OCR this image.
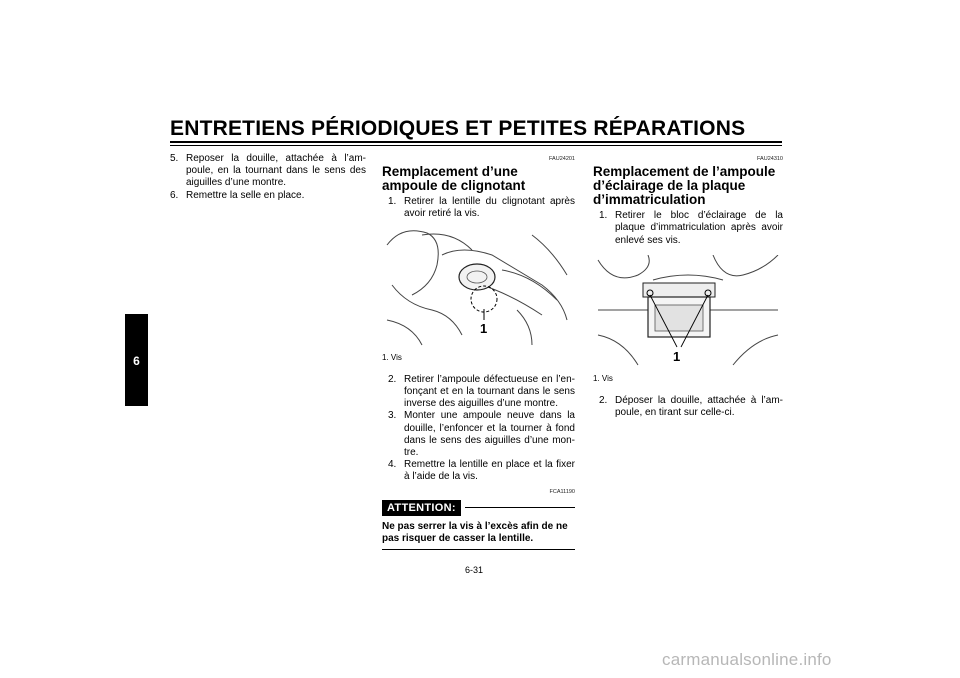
ENTRETIENS PÉRIODIQUES ET PETITES RÉPARATIONS
6
5. Reposer la douille, attachée à l’am-poule, en la tournant dans le sens des aiguilles d’une montre.
6. Remettre la selle en place.
FAU24201
Remplacement d’une ampoule de clignotant
1. Retirer la lentille du clignotant après avoir retiré la vis.
1
1. Vis
2. Retirer l’ampoule défectueuse en l’en-fonçant et en la tournant dans le sens inverse des aiguilles d’une montre.
3. Monter une ampoule neuve dans la douille, l’enfoncer et la tourner à fond dans le sens des aiguilles d’une mon-tre.
4. Remettre la lentille en place et la fixer à l’aide de la vis.
FCA11190
ATTENTION:
Ne pas serrer la vis à l’excès afin de ne pas risquer de casser la lentille.
FAU24310
Remplacement de l’ampoule d’éclairage de la plaque d’immatriculation
1. Retirer le bloc d’éclairage de la plaque d’immatriculation après avoir enlevé ses vis.
1
1. Vis
2. Déposer la douille, attachée à l’am-poule, en tirant sur celle-ci.
6-31
carmanualsonline.info
